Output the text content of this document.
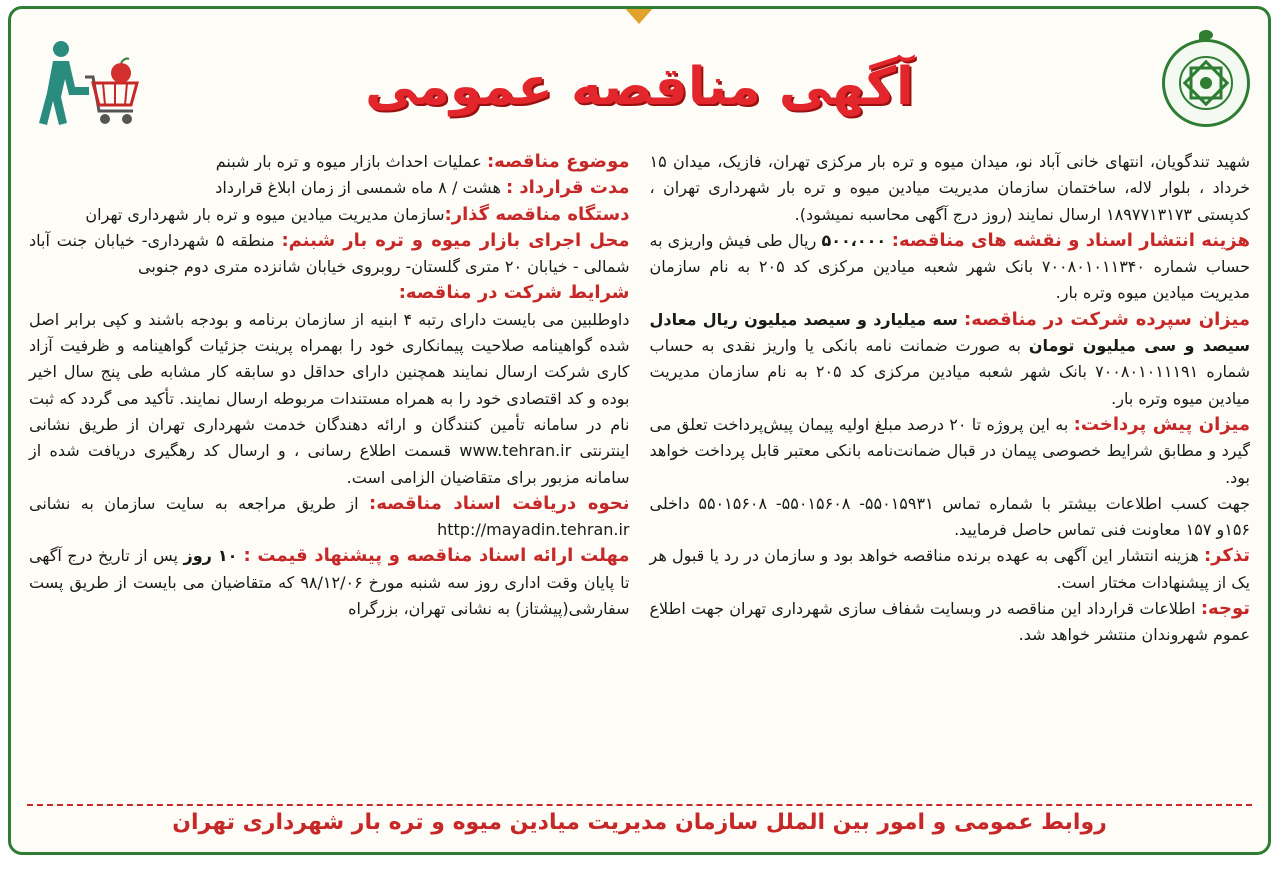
آگهی مناقصه عمومی

موضوع مناقصه: عملیات احداث بازار میوه و تره بار شبنم

مدت قرارداد : هشت / ۸ ماه شمسی از زمان ابلاغ قرارداد

دستگاه مناقصه گذار:سازمان مدیریت میادین میوه و تره بار شهرداری تهران

محل اجرای بازار میوه و تره بار شبنم: منطقه ۵ شهرداری- خیابان جنت آباد شمالی - خیابان ۲۰ متری گلستان- روبروی خیابان شانزده متری دوم جنوبی

شرایط شرکت در مناقصه:

داوطلبین می بایست دارای رتبه ۴ ابنیه از سازمان برنامه و بودجه باشند و کپی برابر اصل شده گواهینامه صلاحیت پیمانکاری خود را بهمراه پرینت جزئیات گواهینامه و ظرفیت آزاد کاری شرکت ارسال نمایند همچنین دارای حداقل دو سابقه کار مشابه طی پنج سال اخیر بوده و کد اقتصادی خود را به همراه مستندات مربوطه ارسال نمایند. تأکید می گردد که ثبت نام در سامانه تأمین کنندگان و ارائه دهندگان خدمت شهرداری تهران از طریق نشانی اینترنتی www.tehran.ir قسمت اطلاع رسانی ، و ارسال کد رهگیری دریافت شده از سامانه مزبور برای متقاضیان الزامی است.

نحوه دریافت اسناد مناقصه: از طریق مراجعه به سایت سازمان به نشانی http://mayadin.tehran.ir

مهلت ارائه اسناد مناقصه و پیشنهاد قیمت : ۱۰ روز پس از تاریخ درج آگهی تا پایان وقت اداری روز سه شنبه مورخ ۹۸/۱۲/۰۶ که متقاضیان می بایست از طریق پست سفارشی(پیشتاز) به نشانی تهران، بزرگراه

شهید تندگویان، انتهای خانی آباد نو، میدان میوه و تره بار مرکزی تهران، فازیک، میدان ۱۵ خرداد ، بلوار لاله، ساختمان سازمان مدیریت میادین میوه و تره بار شهرداری تهران ، کدپستی ۱۸۹۷۷۱۳۱۷۳ ارسال نمایند (روز درج آگهی محاسبه نمیشود).

هزینه انتشار اسناد و نقشه های مناقصه: ۵۰۰،۰۰۰ ریال طی فیش واریزی به حساب شماره ۷۰۰۸۰۱۰۱۱۳۴۰ بانک شهر شعبه میادین مرکزی کد ۲۰۵ به نام سازمان مدیریت میادین میوه وتره بار.

میزان سپرده شرکت در مناقصه: سه میلیارد و سیصد میلیون ریال معادل سیصد و سی میلیون تومان به صورت ضمانت نامه بانکی یا واریز نقدی به حساب شماره ۷۰۰۸۰۱۰۱۱۱۹۱ بانک شهر شعبه میادین مرکزی کد ۲۰۵ به نام سازمان مدیریت میادین میوه وتره بار.

میزان پیش پرداخت: به این پروژه تا ۲۰ درصد مبلغ اولیه پیمان پیش‌پرداخت تعلق می گیرد و مطابق شرایط خصوصی پیمان در قبال ضمانت‌نامه بانکی معتبر قابل پرداخت خواهد بود.

جهت کسب اطلاعات بیشتر با شماره تماس ۵۵۰۱۵۹۳۱- ۵۵۰۱۵۶۰۸- ۵۵۰۱۵۶۰۸ داخلی ۱۵۶و ۱۵۷ معاونت فنی تماس حاصل فرمایید.

تذکر: هزینه انتشار این آگهی به عهده برنده مناقصه خواهد بود و سازمان در رد یا قبول هر یک از پیشنهادات مختار است.

توجه: اطلاعات قرارداد این مناقصه در وبسایت شفاف سازی شهرداری تهران جهت اطلاع عموم شهروندان منتشر خواهد شد.

روابط عمومی و امور بین الملل سازمان مدیریت میادین میوه و تره بار شهرداری تهران
